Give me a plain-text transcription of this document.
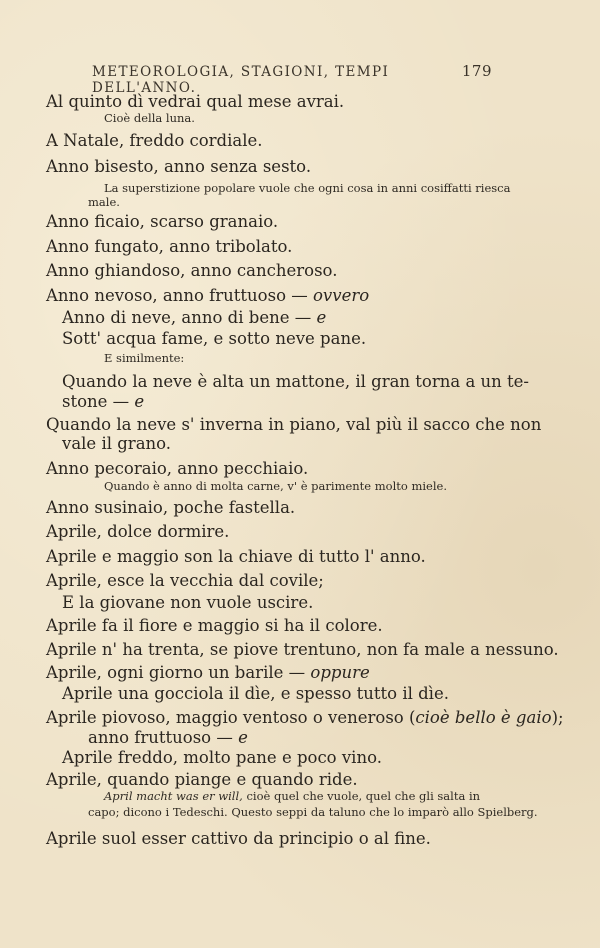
METEOROLOGIA, STAGIONI, TEMPI DELL'ANNO.
179
Al quinto dì vedrai qual mese avrai.
Cioè della luna.
A Natale, freddo cordiale.
Anno bisesto, anno senza sesto.
La superstizione popolare vuole che ogni cosa in anni cosiffatti riesca
male.
Anno ficaio, scarso granaio.
Anno fungato, anno tribolato.
Anno ghiandoso, anno cancheroso.
Anno nevoso, anno fruttuoso — ovvero
Anno di neve, anno di bene — e
Sott' acqua fame, e sotto neve pane.
E similmente:
Quando la neve è alta un mattone, il gran torna a un te-
stone — e
Quando la neve s' inverna in piano, val più il sacco che non
vale il grano.
Anno pecoraio, anno pecchiaio.
Quando è anno di molta carne, v' è parimente molto miele.
Anno susinaio, poche fastella.
Aprile, dolce dormire.
Aprile e maggio son la chiave di tutto l' anno.
Aprile, esce la vecchia dal covile;
E la giovane non vuole uscire.
Aprile fa il fiore e maggio si ha il colore.
Aprile n' ha trenta, se piove trentuno, non fa male a nessuno.
Aprile, ogni giorno un barile — oppure
Aprile una gocciola il dìe, e spesso tutto il dìe.
Aprile piovoso, maggio ventoso o veneroso (cioè bello è gaio);
anno fruttuoso — e
Aprile freddo, molto pane e poco vino.
Aprile, quando piange e quando ride.
April macht was er will, cioè quel che vuole, quel che gli salta in
capo; dicono i Tedeschi. Questo seppi da taluno che lo imparò allo Spielberg.
Aprile suol esser cattivo da principio o al fine.
